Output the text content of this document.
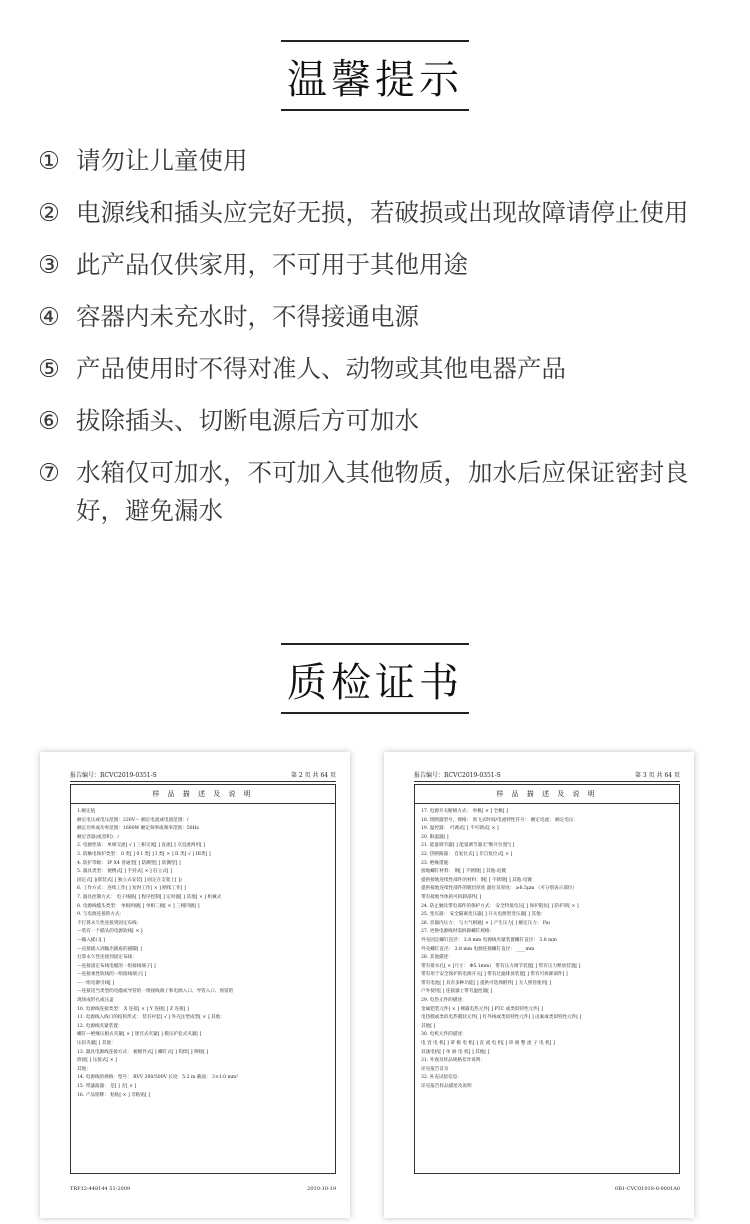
温馨提示
① 请勿让儿童使用
② 电源线和插头应完好无损，若破损或出现故障请停止使用
③ 此产品仅供家用，不可用于其他用途
④ 容器内未充水时，不得接通电源
⑤ 产品使用时不得对准人、动物或其他电器产品
⑥ 拔除插头、切断电源后方可加水
⑦ 水箱仅可加水，不可加入其他物质，加水后应保证密封良好，避免漏水
质检证书
报告编号：RCVC2019-0351-S	第 2 页 共 64 页
样 品 描 述 及 说 明
1.额定值
额定电压或电压范围：220V～ 额定电流或电流范围：/
额定功率或功率范围：1600W 额定频率或频率范围：50Hz
额定容量(或容积)：/
2. 电源性质： 单相交流[ √ ] 三相交流[ ] 直流[ ] 交直流两用[ ]
3. 防触电保护类型： 0 类[ ] 0 I 类[ ] I 类[ × ] II 类[ √ ] III类[ ]
4. 防护等级： IP X4 普通型[ ] 防溅型[ ] 防溅型[ ]
5. 器具类型： 便携式[ ] 手持式[ × ] 驻立式[ ]
固定式[ ](嵌装式[ ] 独立式安装[ ] 固定在支架上[ ])
6. 工作方式： 连续工作[ ] 短时工作[ × ] 断续工作[ ]
7. 器具控制方式： 电子线路[ ] 程序控制[ ] 定时器[ ] 其他[ × ] 机械式
8. 电源线缆头类型： 单相两极[ ] 单相三极[ × ] 三相四极[ ]
9. 与电源连接的方式：
不打算永久性连接到固定布线：
---装有一个插头的电源软线[ × ]
---输入插口[ ]
---直接插入到输出插座的插脚[ ]
打算永久性连接到固定布线：
---连接固定布线电缆的一组接线端子[ ]
---连接柔性软线的一组接线端子[ ]
---一组电源引线[ ]
---连接适当类型的电缆或导管的一组接线端子和电源入口、导管入口、预留的
现场成形孔或压盖
10. 电源线连接类型： X 连接[ × ] Y 连接[ ] Z 连接[ ]
11. 电源线入线口的结构形式： 装有衬套[ √ ] 外壳注塑成型[ × ] 其他：
12. 电源线夹紧装置：
螺钉—绝缘压板式夹紧[ × ] 迷宫式夹紧[ ] 模压护套式夹紧[ ]
压扣夹紧[ ] 其他：
13. 器具电源线连接方式： 板级件式[ ] 螺钉式[ ] 钩焊[ ] 铆接[ ]
焊接[ ] 压接式[ × ]
其他：
14. 电源线的规格：型号： RVV 300/500V 长度：5.2 m 截面： 3×1.0 mm²
15. 带滤波器： 是[ ] 否[ × ]
16. 产品铭牌： 粘贴[ × ] 非粘贴[ ]
TRF12-448144 51-2009	2010-10-19
报告编号：RCVC2019-0351-S	第 3 页 共 64 页
样 品 描 述 及 说 明
17. 电源开关断极方式： 单极[ × ] 全极[ ]
18. 熔断器型号、规格： 预飞式时间/电流特性符号： 额定电流： 额定电压：
19. 温控器： 可调式[ ] 不可调式[ × ]
20. 限温器[ ]
21. 能量调节器[ ] 能量调节器无"断开位置"[ ]
22. 热断路器： 自复位式[ ] 非自复位式[ × ]
23. 绝缘措施：
接地螺钉材料： 钢[ ] 不锈钢[ ] 其他:电镀
提供接地连续性部件的材料：钢[ ] 不锈钢[ ] 其他:电镀
提供接地连续性部件的镀层厚度 器位及厚度： ≥6.5μm （可分别表示部位）
带有接地导体的可拆卸部件[ ]
24. 防止触及带电部件的保护方式： 安全特低电压[ ] 保护阻抗[ ] 防护罩[ × ]
25. 变压器： 安全隔离变压器[ ] 开关电源型变压器[ ] 其他：
26. 容器内压力： 与大气相通[ × ] 产生压力[ ] 额定压力： Pa)
27. 更换电源线时需拆卸螺钉规格：
外壳固定螺钉直径： 3.8 mm 电源线夹紧装置螺钉直径： 3.8 mm
外壳螺钉直径： 3.8 mm 电源连接螺钉直径： ____mm
28. 其他描述：
带有排水孔[ × ]尺寸： Φ5.1mm） 带有压力调节装置[ ] 带有压力释放装置[ ]
带有用于安全保护的电源开关[ ] 带有过滤排放装置[ ] 带有可拆卸部件[ ]
带有电池[ ] 具有多种功能[ ] 提供可选择附件[ ] 无人照管使用[ ]
户外使用[ ] 连接器上带有温控器[ ]
29. 电热元件的描述：
金属铠装元件[ × ] 裸露电热元件[ ] PTC 或类似特性元件[ ]
电热膜或类似电热膜状元件[ ] 红外线或类似特性元件[ ] 卤素或类似特性元件[ ]
其他[ ]
30. 电机元件的描述：
电 容 电 机[ ] 罩 极 电 机[ ] 直 流 电 机[ ] 串 极 整 流 子 电 机[ ]
双速电机[ ] 单 励 电 机[ ] 其他[ ]
31. 外观及样品规格差异说明：
详见报告首页
32. 补充试验信息：
详见报告样品描述及说明
0B1-CVC01018-0-0001A0
